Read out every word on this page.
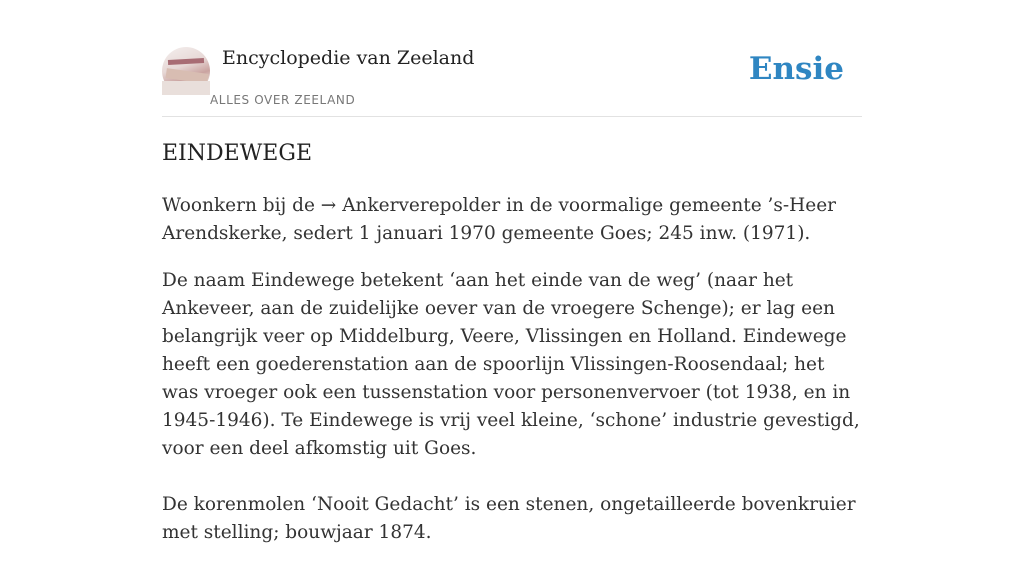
Encyclopedie van Zeeland
ALLES OVER ZEELAND
Ensie
EINDEWEGE

Woonkern bij de → Ankerverepolder in de voormalige gemeente ’s-Heer Arendskerke, sedert 1 januari 1970 gemeente Goes; 245 inw. (1971).

De naam Eindewege betekent ‘aan het einde van de weg’ (naar het Ankeveer, aan de zuidelijke oever van de vroegere Schenge); er lag een belangrijk veer op Middelburg, Veere, Vlissingen en Holland. Eindewege heeft een goederenstation aan de spoorlijn Vlissingen-Roosendaal; het was vroeger ook een tussenstation voor personenvervoer (tot 1938, en in 1945-1946). Te Eindewege is vrij veel kleine, ‘schone’ industrie gevestigd, voor een deel afkomstig uit Goes.

De korenmolen ‘Nooit Gedacht’ is een stenen, ongetailleerde bovenkruier met stelling; bouwjaar 1874.
